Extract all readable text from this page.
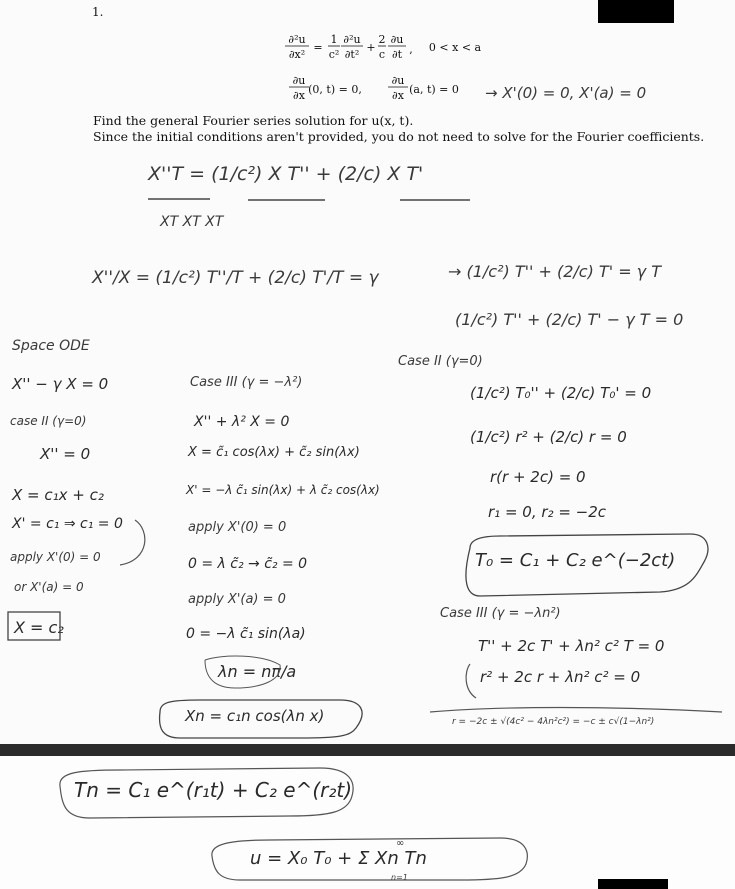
1.
∂²u
∂x²
=
1
c²
∂²u
∂t²
+
2
c
∂u
∂t , 0 < x < a
∂u
∂x (0, t) = 0,
∂u
∂x (a, t) = 0
Find the general Fourier series solution for u(x, t).
Since the initial conditions aren't provided, you do not need to solve for the Fourier coefficients.
→ X'(0) = 0, X'(a) = 0
X''T = (1/c²) X T'' + (2/c) X T'
XT XT XT
X''/X = (1/c²) T''/T + (2/c) T'/T = γ	→ (1/c²) T'' + (2/c) T' = γ T
(1/c²) T'' + (2/c) T' − γ T = 0
Space ODE
X'' − γ X = 0
case II (γ=0)
X'' = 0
X = c₁x + c₂
X' = c₁ ⇒ c₁ = 0
apply X'(0) = 0
or X'(a) = 0
X = c₂
Case III (γ = −λ²)
X'' + λ² X = 0
X = c̃₁ cos(λx) + c̃₂ sin(λx)
X' = −λ c̃₁ sin(λx) + λ c̃₂ cos(λx)
apply X'(0) = 0
0 = λ c̃₂ → c̃₂ = 0
apply X'(a) = 0
0 = −λ c̃₁ sin(λa)
λn = nπ/a
Xn = c₁n cos(λn x)
Case II (γ=0)
(1/c²) T₀'' + (2/c) T₀' = 0
(1/c²) r² + (2/c) r = 0
r(r + 2c) = 0
r₁ = 0, r₂ = −2c
T₀ = C₁ + C₂ e^(−2ct)
Case III (γ = −λn²)
T'' + 2c T' + λn² c² T = 0
r² + 2c r + λn² c² = 0
r = −2c ± √(4c² − 4λn²c²) = −c ± c√(1−λn²)
Tn = C₁ e^(r₁t) + C₂ e^(r₂t)
u = X₀ T₀ + Σ Xn Tn
∞
n=1
